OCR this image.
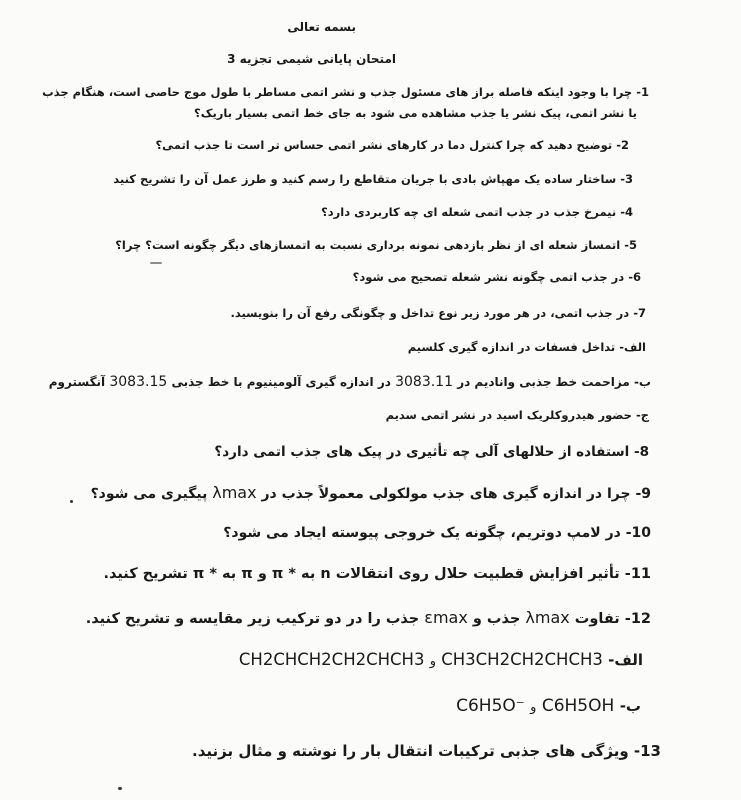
بسمه تعالی
امتحان پایانی شیمی تجزیه 3
1- چرا با وجود اینکه فاصله براز های مسئول جذب و نشر اتمی مساطر با طول موج حاصی است، هنگام جذب
یا نشر اتمی، پیک نشر یا جذب مشاهده می شود به جای خط اتمی بسیار باریک؟
2- توضیح دهید که چرا کنترل دما در کارهای نشر اتمی حساس تر است تا جذب اتمی؟
3- ساختار ساده یک مهپاش بادی با جریان متقاطع را رسم کنید و طرز عمل آن را تشریح کنید
4- نیمرخ جذب در جذب اتمی شعله ای چه کاربردی دارد؟
5- اتمساز شعله ای از نظر بازدهی نمونه برداری نسبت به اتمسازهای دیگر چگونه است؟ چرا؟
6- در جذب اتمی چگونه نشر شعله تصحیح می شود؟
7- در جذب اتمی، در هر مورد زیر نوع تداخل و چگونگی رفع آن را بنویسید.
الف- تداخل فسفات در اندازه گیری کلسیم
ب- مزاحمت خط جذبی وانادیم در 3083.11 در اندازه گیری آلومینیوم با خط جذبی 3083.15 آنگستروم
ج- حضور هیدروکلریک اسید در نشر اتمی سدیم
8- استفاده از حلالهای آلی چه تأثیری در پیک های جذب اتمی دارد؟
9- چرا در اندازه گیری های جذب مولکولی معمولاً جذب در λmax پیگیری می شود؟
10- در لامپ دوتریم، چگونه یک خروجی پیوسته ایجاد می شود؟
11- تأثیر افزایش قطبیت حلال روی انتقالات n به * π و π به * π تشریح کنید.
12- تفاوت λmax جذب و εmax جذب را در دو ترکیب زیر مقایسه و تشریح کنید.
الف- CH3CH2CH2CHCH3 و CH2CHCH2CH2CHCH3
ب- C6H5OH و C6H5O⁻
13- ویژگی های جذبی ترکیبات انتقال بار را نوشته و مثال بزنید.
